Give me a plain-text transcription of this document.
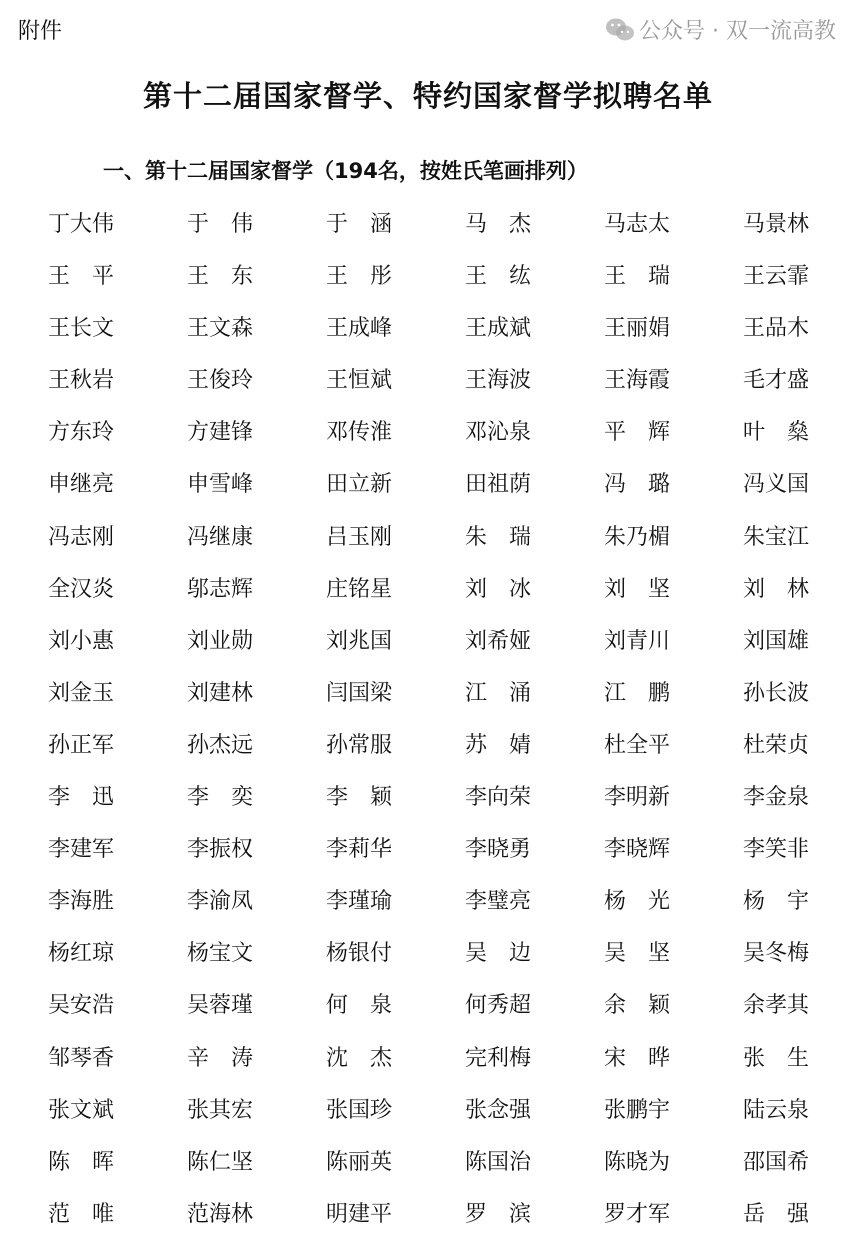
附件
第十二届国家督学、特约国家督学拟聘名单
一、第十二届国家督学（194名，按姓氏笔画排列）
丁大伟	于　伟	于　涵	马　杰	马志太	马景林
王　平	王　东	王　彤	王　纮	王　瑞	王云霏
王长文	王文森	王成峰	王成斌	王丽娟	王品木
王秋岩	王俊玲	王恒斌	王海波	王海霞	毛才盛
方东玲	方建锋	邓传淮	邓沁泉	平　辉	叶　燊
申继亮	申雪峰	田立新	田祖荫	冯　璐	冯义国
冯志刚	冯继康	吕玉刚	朱　瑞	朱乃楣	朱宝江
全汉炎	邬志辉	庄铭星	刘　冰	刘　坚	刘　林
刘小惠	刘业勋	刘兆国	刘希娅	刘青川	刘国雄
刘金玉	刘建林	闫国梁	江　涌	江　鹏	孙长波
孙正军	孙杰远	孙常服	苏　婧	杜全平	杜荣贞
李　迅	李　奕	李　颖	李向荣	李明新	李金泉
李建军	李振权	李莉华	李晓勇	李晓辉	李笑非
李海胜	李渝凤	李瑾瑜	李璧亮	杨　光	杨　宇
杨红琼	杨宝文	杨银付	吴　边	吴　坚	吴冬梅
吴安浩	吴蓉瑾	何　泉	何秀超	余　颖	余孝其
邹琴香	辛　涛	沈　杰	完利梅	宋　晔	张　生
张文斌	张其宏	张国珍	张念强	张鹏宇	陆云泉
陈　晖	陈仁坚	陈丽英	陈国治	陈晓为	邵国希
范　唯	范海林	明建平	罗　滨	罗才军	岳　强
公众号 · 双一流高教
